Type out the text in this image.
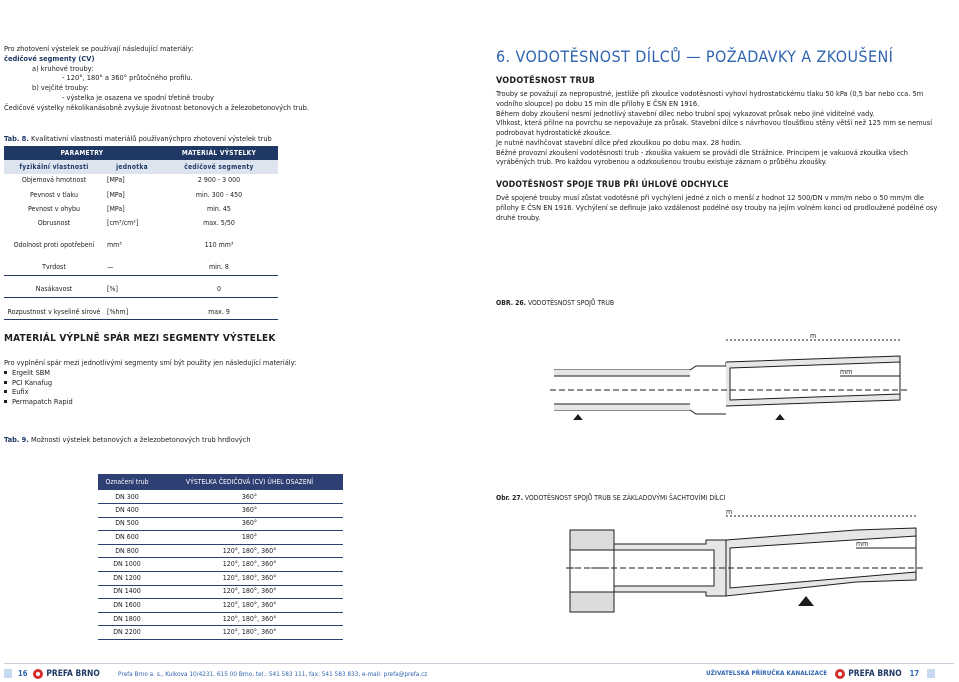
Pro zhotovení výstelek se používají následující materiály:
čedičové segmenty (CV)
a) kruhové trouby:
- 120°, 180° a 360° průtočného profilu.
b) vejčité trouby:
- výstelka je osazena ve spodní třetině trouby
Čedičové výstelky několikanásobně zvyšuje životnost betonových a železobetonových trub.
Tab. 8. Kvalitativní vlastnosti materiálů používanýchpro zhotovení výstelek trub
PARAMETRY		MATERIÁL VÝSTELKY
fyzikální vlastnosti	jednotka	čedičové segmenty
Objemová hmotnost	[MPa]	2 900 - 3 000
Pevnost v tlaku	[MPa]	min. 300 - 450
Pevnost v ohybu	[MPa]	min. 45
Obrusnost	[cm³/cm²]	max. 5/50

Odolnost proti opotřebení	mm³	110 mm³

Tvrdost	—	min. 8

Nasákavost	[%]	0

Rozpustnost v kyselině sírové	[%hm]	max. 9
MATERIÁL VÝPLNĚ SPÁR MEZI SEGMENTY VÝSTELEK
Pro vyplnění spár mezi jednotlivými segmenty smí být použity jen následující materiály:
Ergelit SBM
PCI Kanafug
Eufix
Permapatch Rapid
Tab. 9. Možnosti výstelek betonových a železobetonových trub hrdlových
Označení trub	VÝSTELKA ČEDIČOVÁ (CV) ÚHEL OSAZENÍ
DN 300	360°
DN 400	360°
DN 500	360°
DN 600	180°
DN 800	120°, 180°, 360°
DN 1000	120°, 180°, 360°
DN 1200	120°, 180°, 360°
DN 1400	120°, 180°, 360°
DN 1600	120°, 180°, 360°
DN 1800	120°, 180°, 360°
DN 2200	120°, 180°, 360°
6. VODOTĚSNOST DÍLCŮ — POŽADAVKY A ZKOUŠENÍ
VODOTĚSNOST TRUB
Trouby se považují za nepropustné, jestliže při zkoušce vodotěsnosti vyhoví hydrostatickému tlaku 50 kPa (0,5 bar nebo cca. 5m
vodního sloupce) po dobu 15 min dle přílohy E ČSN EN 1916.
Během doby zkoušení nesmí jednotlivý stavební dílec nebo trubní spoj vykazovat průsak nebo jiné viditelné vady.
Vlhkost, která přilne na povrchu se nepovažuje za průsak. Stavební dílce s návrhovou tloušťkou stěny větší než 125 mm se nemusí
podrobovat hydrostatické zkoušce.
Je nutné navlhčovat stavební dílce před zkouškou po dobu max. 28 hodin.
Běžné provozní zkoušení vodotěsnosti trub - zkouška vakuem se provádí dle Strážnice. Principem je vakuová zkouška všech
vyráběných trub. Pro každou vyrobenou a odzkoušenou troubu existuje záznam o průběhu zkoušky.
VODOTĚSNOST SPOJE TRUB PŘI ÚHLOVÉ ODCHYLCE
Dvě spojené trouby musí zůstat vodotěsné při vychýlení jedné z nich o menší z hodnot 12 500/DN v mm/m nebo o 50 mm/m dle
přílohy E ČSN EN 1916. Vychýlení se definuje jako vzdálenost podélné osy trouby na jejím volném konci od prodloužené podélné osy
druhé trouby.
OBR. 26. VODOTĚSNOST SPOJŮ TRUB
m
mm
Obr. 27. VODOTĚSNOST SPOJŮ TRUB SE ZÁKLADOVÝMI ŠACHTOVÍMI DÍLCI
m
mm
16 PREFA BRNO	Prefa Brno a. s., Kulkova 10/4231, 615 00 Brno, tel.: 541 583 111, fax: 541 583 833, e-mail: prefa@prefa.cz	UŽIVATELSKÁ PŘÍRUČKA KANALIZACE	PREFA BRNO 17
